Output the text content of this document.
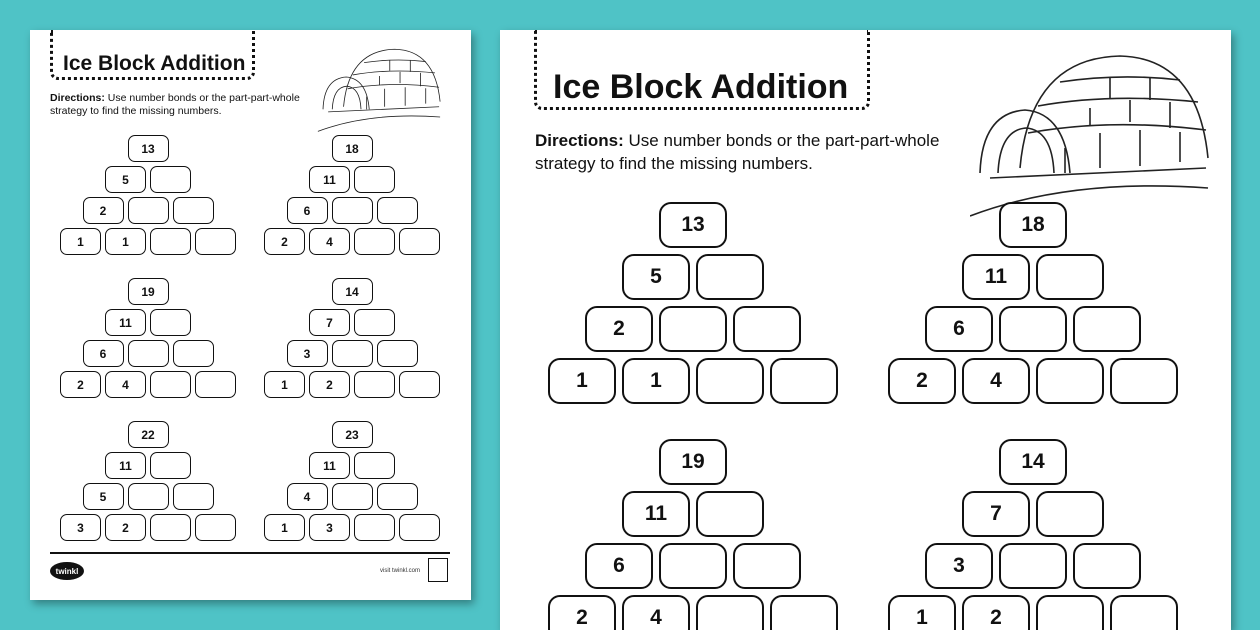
Ice Block Addition
Directions: Use number bonds or the part-part-whole strategy to find the missing numbers.
13
5
2
1	1
18
11
6
2	4
19
11
6
2	4
14
7
3
1	2
22
11
5
3	2
23
11
4
1	3
twinkl	visit twinkl.com
Ice Block Addition
Directions: Use number bonds or the part-part-whole strategy to find the missing numbers.
13
5
2
1	1
18
11
6
2	4
19
11
6
2	4
14
7
3
1	2
